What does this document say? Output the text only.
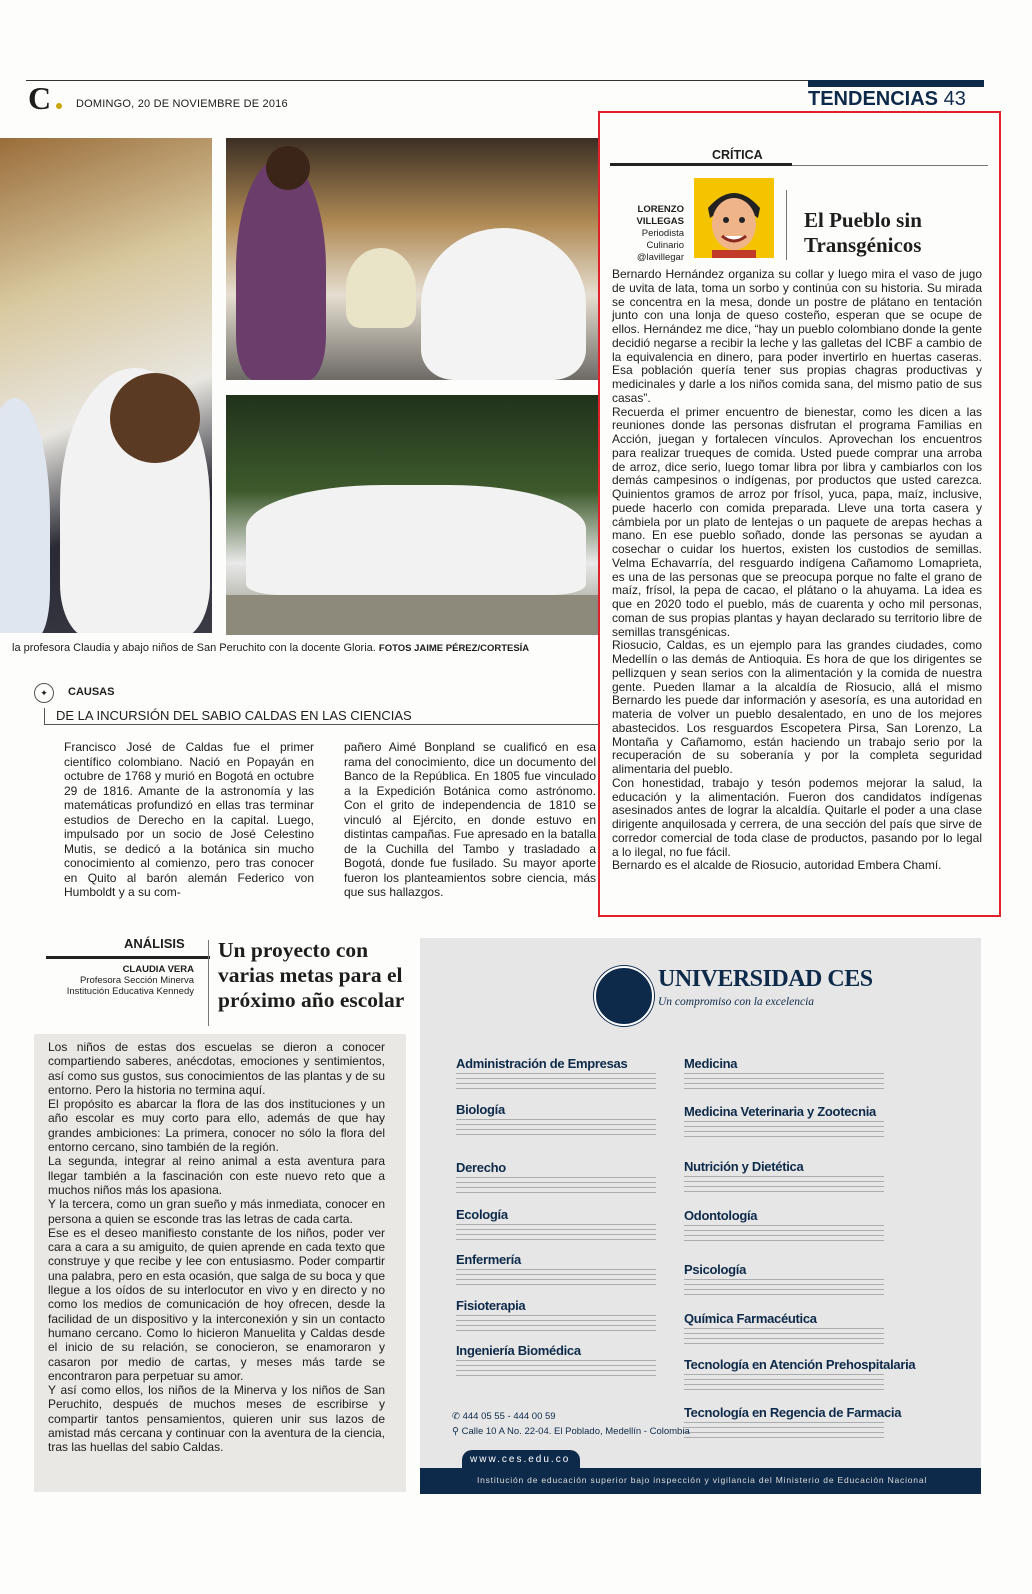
C DOMINGO, 20 DE NOVIEMBRE DE 2016	TENDENCIAS 43
la profesora Claudia y abajo niños de San Peruchito con la docente Gloria. FOTOS JAIME PÉREZ/CORTESÍA
✦	CAUSAS
DE LA INCURSIÓN DEL SABIO CALDAS EN LAS CIENCIAS
Francisco José de Caldas fue el primer científico colombiano. Nació en Popayán en octubre de 1768 y murió en Bogotá en octubre 29 de 1816. Amante de la astronomía y las matemáticas profundizó en ellas tras terminar estudios de Derecho en la capital. Luego, impulsado por un socio de José Celestino Mutis, se dedicó a la botánica sin mucho conocimiento al comienzo, pero tras conocer en Quito al barón alemán Federico von Humboldt y a su com-
pañero Aimé Bonpland se cualificó en esa rama del conocimiento, dice un documento del Banco de la República. En 1805 fue vinculado a la Expedición Botánica como astrónomo. Con el grito de independencia de 1810 se vinculó al Ejército, en donde estuvo en distintas campañas. Fue apresado en la batalla de la Cuchilla del Tambo y trasladado a Bogotá, donde fue fusilado. Su mayor aporte fueron los planteamientos sobre ciencia, más que sus hallazgos.
CRÍTICA
LORENZO
VILLEGAS
Periodista
Culinario
@lavillegar
El Pueblo sin Transgénicos

Bernardo Hernández organiza su collar y luego mira el vaso de jugo de uvita de lata, toma un sorbo y continúa con su historia. Su mirada se concentra en la mesa, donde un postre de plátano en tentación junto con una lonja de queso costeño, esperan que se ocupe de ellos. Hernández me dice, “hay un pueblo colombiano donde la gente decidió negarse a recibir la leche y las galletas del ICBF a cambio de la equivalencia en dinero, para poder invertirlo en huertas caseras. Esa población quería tener sus propias chagras productivas y medicinales y darle a los niños comida sana, del mismo patio de sus casas”.

Recuerda el primer encuentro de bienestar, como les dicen a las reuniones donde las personas disfrutan el programa Familias en Acción, juegan y fortalecen vínculos. Aprovechan los encuentros para realizar trueques de comida. Usted puede comprar una arroba de arroz, dice serio, luego tomar libra por libra y cambiarlos con los demás campesinos o indígenas, por productos que usted carezca. Quinientos gramos de arroz por frísol, yuca, papa, maíz, inclusive, puede hacerlo con comida preparada. Lleve una torta casera y cámbiela por un plato de lentejas o un paquete de arepas hechas a mano. En ese pueblo soñado, donde las personas se ayudan a cosechar o cuidar los huertos, existen los custodios de semillas. Velma Echavarría, del resguardo indígena Cañamomo Lomaprieta, es una de las personas que se preocupa porque no falte el grano de maíz, frísol, la pepa de cacao, el plátano o la ahuyama. La idea es que en 2020 todo el pueblo, más de cuarenta y ocho mil personas, coman de sus propias plantas y hayan declarado su territorio libre de semillas transgénicas.

Riosucio, Caldas, es un ejemplo para las grandes ciudades, como Medellín o las demás de Antioquia. Es hora de que los dirigentes se pellizquen y sean serios con la alimentación y la comida de nuestra gente. Pueden llamar a la alcaldía de Riosucio, allá el mismo Bernardo les puede dar información y asesoría, es una autoridad en materia de volver un pueblo desalentado, en uno de los mejores abastecidos. Los resguardos Escopetera Pirsa, San Lorenzo, La Montaña y Cañamomo, están haciendo un trabajo serio por la recuperación de su soberanía y por la completa seguridad alimentaria del pueblo.

Con honestidad, trabajo y tesón podemos mejorar la salud, la educación y la alimentación. Fueron dos candidatos indígenas asesinados antes de lograr la alcaldía. Quitarle el poder a una clase dirigente anquilosada y cerrera, de una sección del país que sirve de corredor comercial de toda clase de productos, pasando por lo legal a lo ilegal, no fue fácil.

Bernardo es el alcalde de Riosucio, autoridad Embera Chamí.

ANÁLISIS
CLAUDIA VERA
Profesora Sección Minerva Institución Educativa Kennedy
Un proyecto con varias metas para el próximo año escolar

Los niños de estas dos escuelas se dieron a conocer compartiendo saberes, anécdotas, emociones y sentimientos, así como sus gustos, sus conocimientos de las plantas y de su entorno. Pero la historia no termina aquí.

El propósito es abarcar la flora de las dos instituciones y un año escolar es muy corto para ello, además de que hay grandes ambiciones: La primera, conocer no sólo la flora del entorno cercano, sino también de la región.

La segunda, integrar al reino animal a esta aventura para llegar también a la fascinación con este nuevo reto que a muchos niños más los apasiona.

Y la tercera, como un gran sueño y más inmediata, conocer en persona a quien se esconde tras las letras de cada carta.

Ese es el deseo manifiesto constante de los niños, poder ver cara a cara a su amiguito, de quien aprende en cada texto que construye y que recibe y lee con entusiasmo. Poder compartir una palabra, pero en esta ocasión, que salga de su boca y que llegue a los oídos de su interlocutor en vivo y en directo y no como los medios de comunicación de hoy ofrecen, desde la facilidad de un dispositivo y la interconexión y sin un contacto humano cercano. Como lo hicieron Manuelita y Caldas desde el inicio de su relación, se conocieron, se enamoraron y casaron por medio de cartas, y meses más tarde se encontraron para perpetuar su amor.

Y así como ellos, los niños de la Minerva y los niños de San Peruchito, después de muchos meses de escribirse y compartir tantos pensamientos, quieren unir sus lazos de amistad más cercana y continuar con la aventura de la ciencia, tras las huellas del sabio Caldas.

UNIVERSIDAD CES
Un compromiso con la excelencia
Administración de Empresas
Biología
Derecho
Ecología
Enfermería
Fisioterapia
Ingeniería Biomédica
Medicina
Medicina Veterinaria y Zootecnia
Nutrición y Dietética
Odontología
Psicología
Química Farmacéutica
Tecnología en Atención Prehospitalaria
Tecnología en Regencia de Farmacia
✆ 444 05 55 - 444 00 59
⚲ Calle 10 A No. 22-04. El Poblado, Medellín - Colombia
www.ces.edu.co
Institución de educación superior bajo inspección y vigilancia del Ministerio de Educación Nacional
